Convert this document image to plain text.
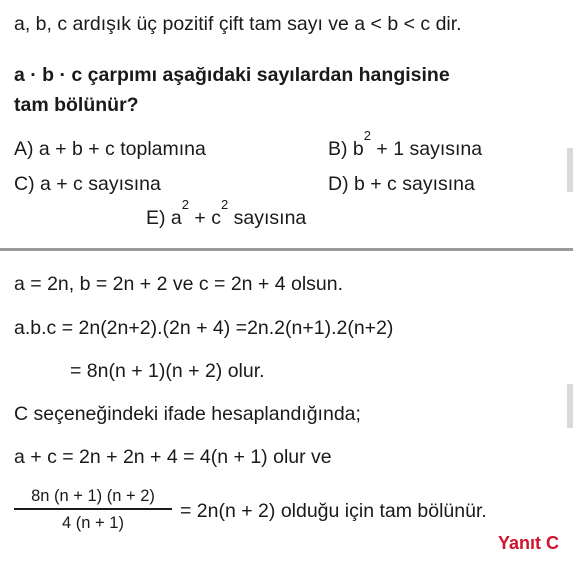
a, b, c ardışık üç pozitif çift tam sayı ve a < b < c dir.
a · b · c çarpımı aşağıdaki sayılardan hangisine
tam bölünür?
A) a + b + c toplamına	B) $b^2 + 1$ sayısına
C) a + c sayısına	D) b + c sayısına
E) $a^2 + c^2$ sayısına
a = 2n, b = 2n + 2 ve c = 2n + 4 olsun.
a.b.c = 2n(2n+2).(2n + 4) =2n.2(n+1).2(n+2)
= 8n(n + 1)(n + 2) olur.
C seçeneğindeki ifade hesaplandığında;
a + c = 2n + 2n + 4 = 4(n + 1) olur ve
8n (n + 1) (n + 2)
4 (n + 1)
= 2n(n + 2) olduğu için tam bölünür.
Yanıt C
